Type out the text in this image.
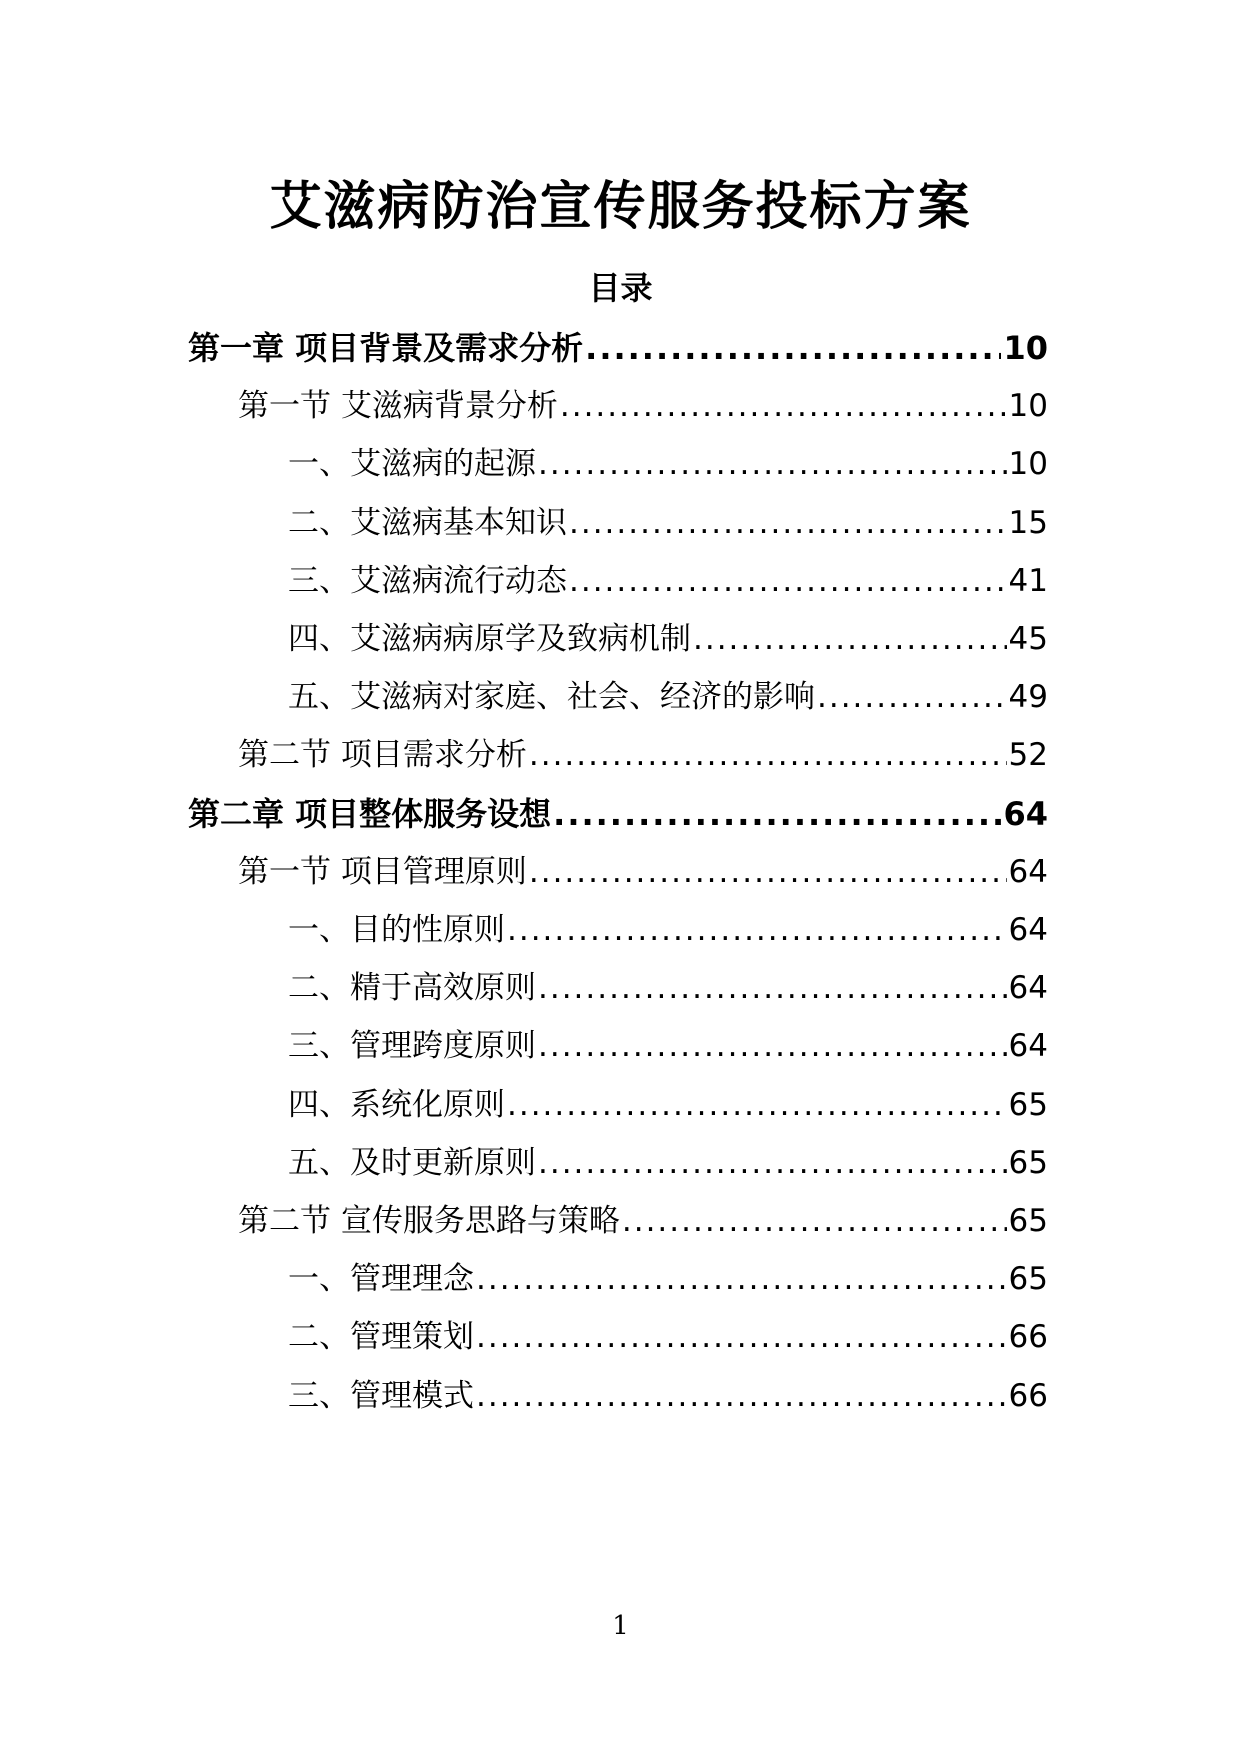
艾滋病防治宣传服务投标方案
目录
第一章 项目背景及需求分析 .....	10
第一节 艾滋病背景分析 .....	10
一、艾滋病的起源 .....	10
二、艾滋病基本知识 .....	15
三、艾滋病流行动态 .....	41
四、艾滋病病原学及致病机制 .....	45
五、艾滋病对家庭、社会、经济的影响 .....	49
第二节 项目需求分析 .....	52
第二章 项目整体服务设想 .....	64
第一节 项目管理原则 .....	64
一、目的性原则 .....	64
二、精于高效原则 .....	64
三、管理跨度原则 .....	64
四、系统化原则 .....	65
五、及时更新原则 .....	65
第二节 宣传服务思路与策略 .....	65
一、管理理念 .....	65
二、管理策划 .....	66
三、管理模式 .....	66
1
